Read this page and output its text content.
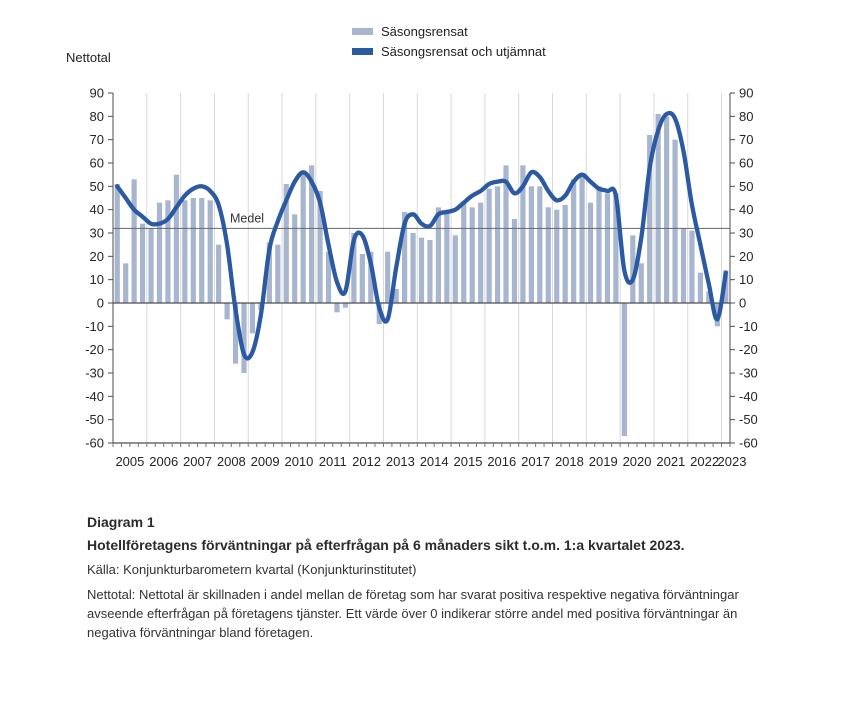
Medel
90	90
80	80
70	70
60	60
50	50
40	40
30	30
20	20
10	10
0	0
-10	-10
-20	-20
-30	-30
-40	-40
-50	-50
-60	-60
2005 2006 2007 2008 2009 2010 2011 2012 2013 2014 2015 2016 2017 2018 2019 2020 2021 2022
2023
Nettotal
Säsongsrensat
Säsongsrensat och utjämnat

Diagram 1

Hotellföretagens förväntningar på efterfrågan på 6 månaders sikt t.o.m. 1:a kvartalet 2023.

Källa: Konjunkturbarometern kvartal (Konjunkturinstitutet)

Nettotal: Nettotal är skillnaden i andel mellan de företag som har svarat positiva respektive negativa förväntningar avseende efterfrågan på företagens tjänster. Ett värde över 0 indikerar större andel med positiva förväntningar än negativa förväntningar bland företagen.
